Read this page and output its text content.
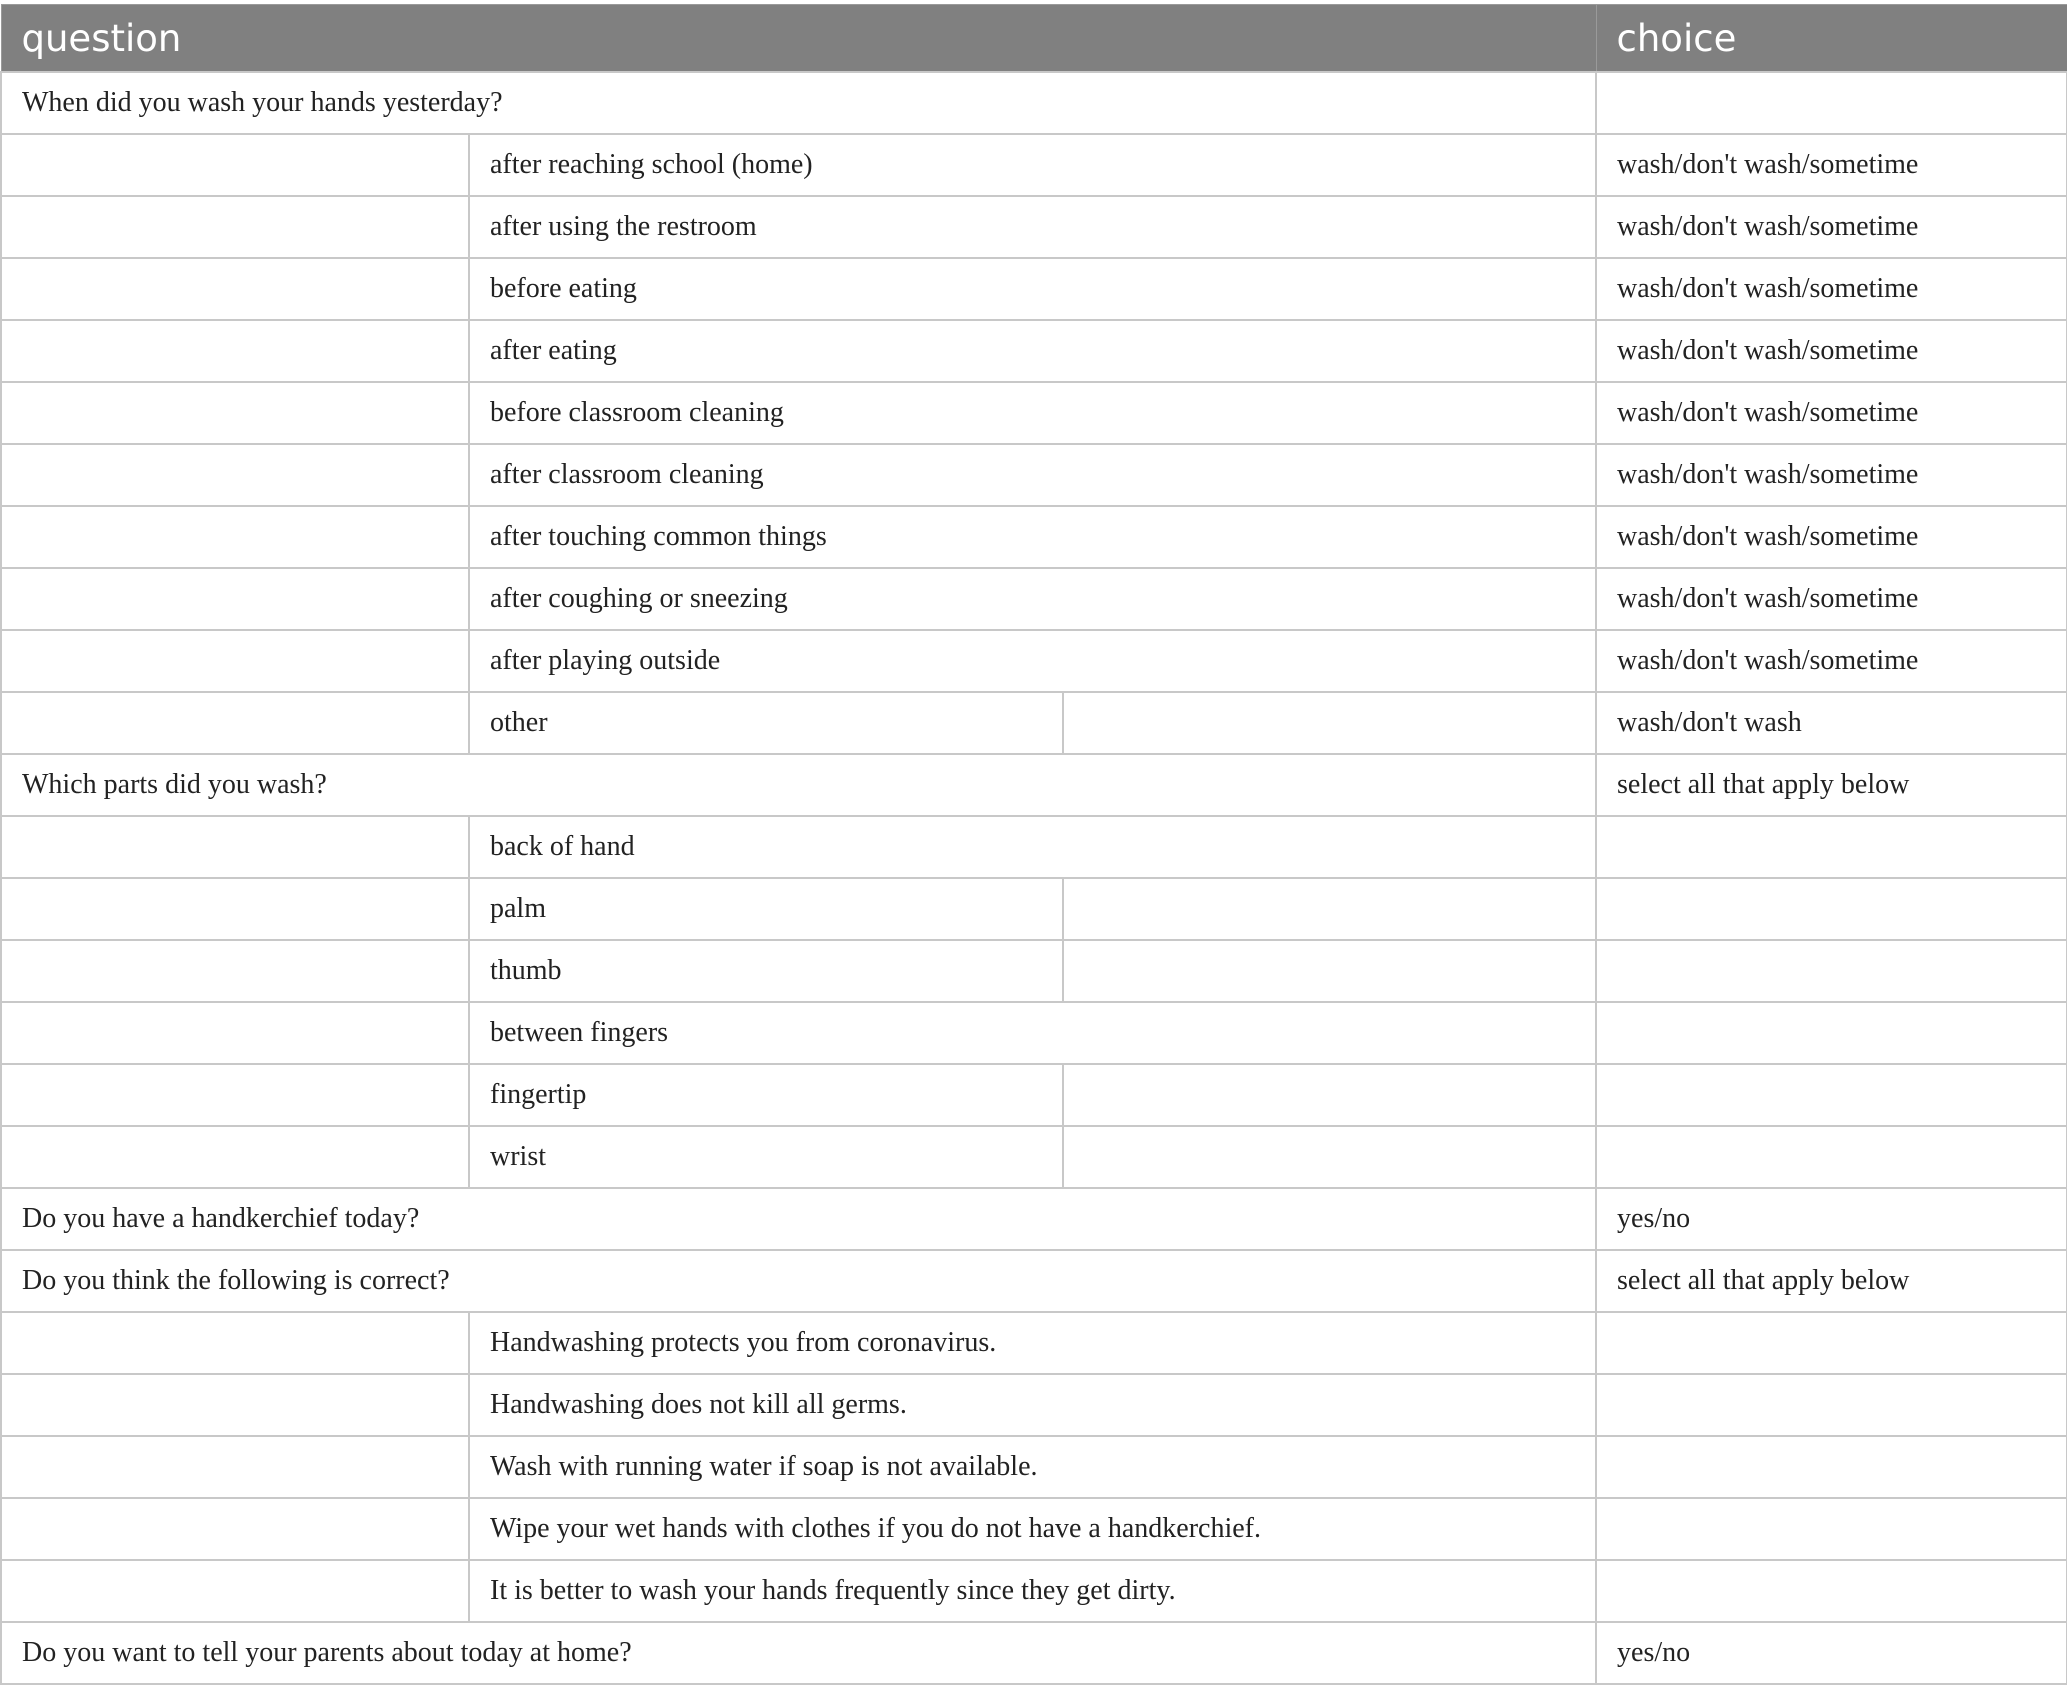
question			choice
When did you wash your hands yesterday?			
	after reaching school (home)		wash/don't wash/sometime
	after using the restroom		wash/don't wash/sometime
	before eating		wash/don't wash/sometime
	after eating		wash/don't wash/sometime
	before classroom cleaning		wash/don't wash/sometime
	after classroom cleaning		wash/don't wash/sometime
	after touching common things		wash/don't wash/sometime
	after coughing or sneezing		wash/don't wash/sometime
	after playing outside		wash/don't wash/sometime
	other		wash/don't wash
Which parts did you wash?			select all that apply below
	back of hand		
	palm		
	thumb		
	between fingers		
	fingertip		
	wrist		
Do you have a handkerchief today?			yes/no
Do you think the following is correct?			select all that apply below
	Handwashing protects you from coronavirus.		
	Handwashing does not kill all germs.		
	Wash with running water if soap is not available.		
	Wipe your wet hands with clothes if you do not have a handkerchief.		
	It is better to wash your hands frequently since they get dirty.		
Do you want to tell your parents about today at home?			yes/no
